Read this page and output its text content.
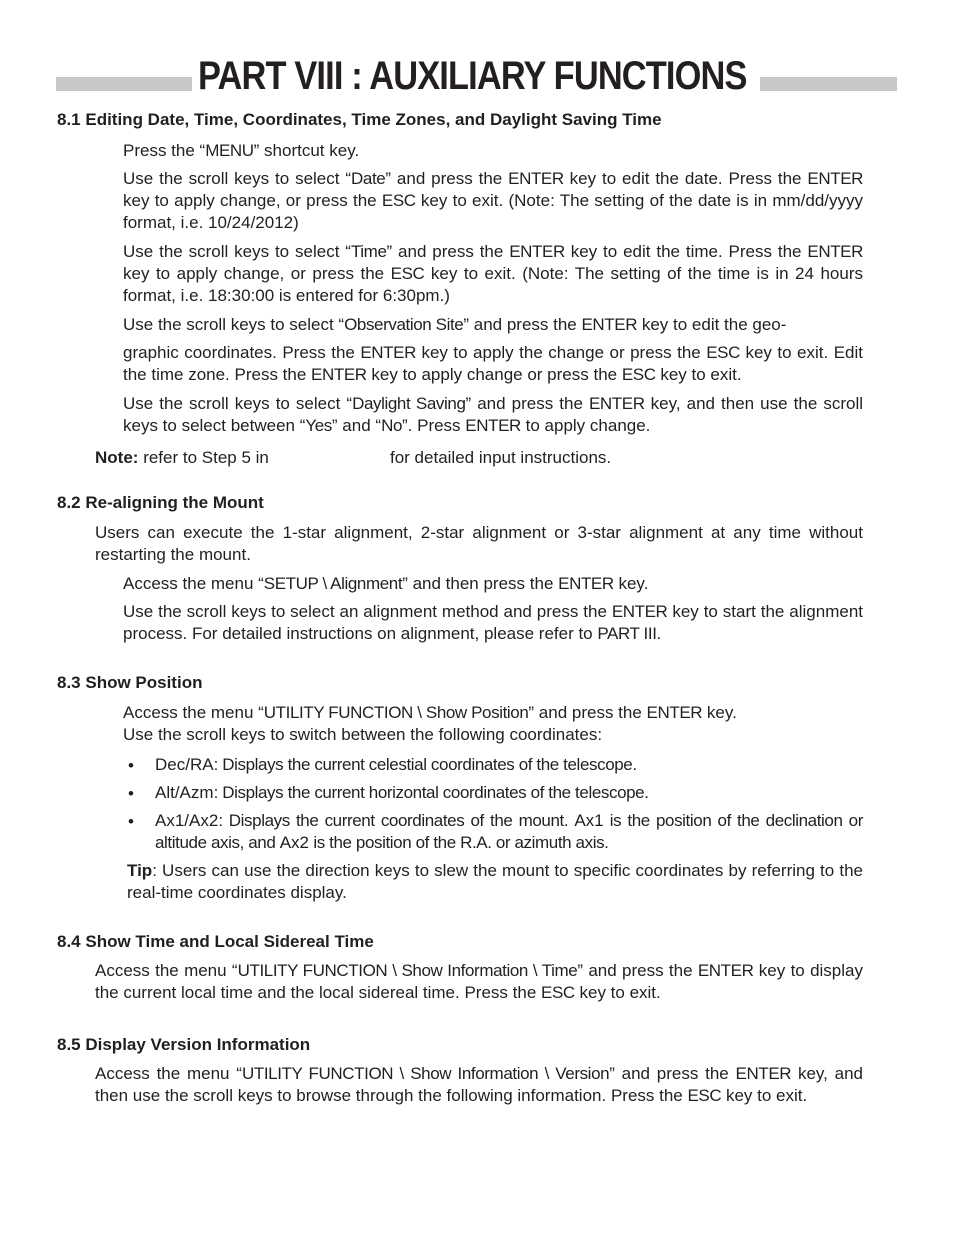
PART VIII : AUXILIARY FUNCTIONS
8.1 Editing Date, Time, Coordinates, Time Zones, and Daylight Saving Time
Press the “MENU” shortcut key.
Use the scroll keys to select “Date” and press the ENTER key to edit the date. Press the ENTER key to apply change, or press the ESC key to exit. (Note: The setting of the date is in mm/dd/yyyy format, i.e. 10/24/2012)
Use the scroll keys to select “Time” and press the ENTER key to edit the time. Press the ENTER key to apply change, or press the ESC key to exit. (Note: The setting of the time is in 24 hours format, i.e. 18:30:00 is entered for 6:30pm.)
Use the scroll keys to select “Observation Site” and press the ENTER key to edit the geo-
graphic coordinates. Press the ENTER key to apply the change or press the ESC key to exit. Edit the time zone. Press the ENTER key to apply change or press the ESC key to exit.
Use the scroll keys to select “Daylight Saving” and press the ENTER key, and then use the scroll keys to select between “Yes” and “No”. Press ENTER to apply change.
Note: refer to Step 5 in	for detailed input instructions.
8.2 Re-aligning the Mount
Users can execute the 1-star alignment, 2-star alignment or 3-star alignment at any time without restarting the mount.
Access the menu “SETUP \ Alignment” and then press the ENTER key.
Use the scroll keys to select an alignment method and press the ENTER key to start the alignment process. For detailed instructions on alignment, please refer to PART III.
8.3 Show Position
Access the menu “UTILITY FUNCTION \ Show Position” and press the ENTER key.
Use the scroll keys to switch between the following coordinates:
• Dec/RA: Displays the current celestial coordinates of the telescope.
• Alt/Azm: Displays the current horizontal coordinates of the telescope.
• Ax1/Ax2: Displays the current coordinates of the mount. Ax1 is the position of the declination or altitude axis, and Ax2 is the position of the R.A. or azimuth axis.
Tip: Users can use the direction keys to slew the mount to specific coordinates by referring to the real-time coordinates display.
8.4 Show Time and Local Sidereal Time
Access the menu “UTILITY FUNCTION \ Show Information \ Time” and press the ENTER key to display the current local time and the local sidereal time. Press the ESC key to exit.
8.5 Display Version Information
Access the menu “UTILITY FUNCTION \ Show Information \ Version” and press the ENTER key, and then use the scroll keys to browse through the following information. Press the ESC key to exit.
